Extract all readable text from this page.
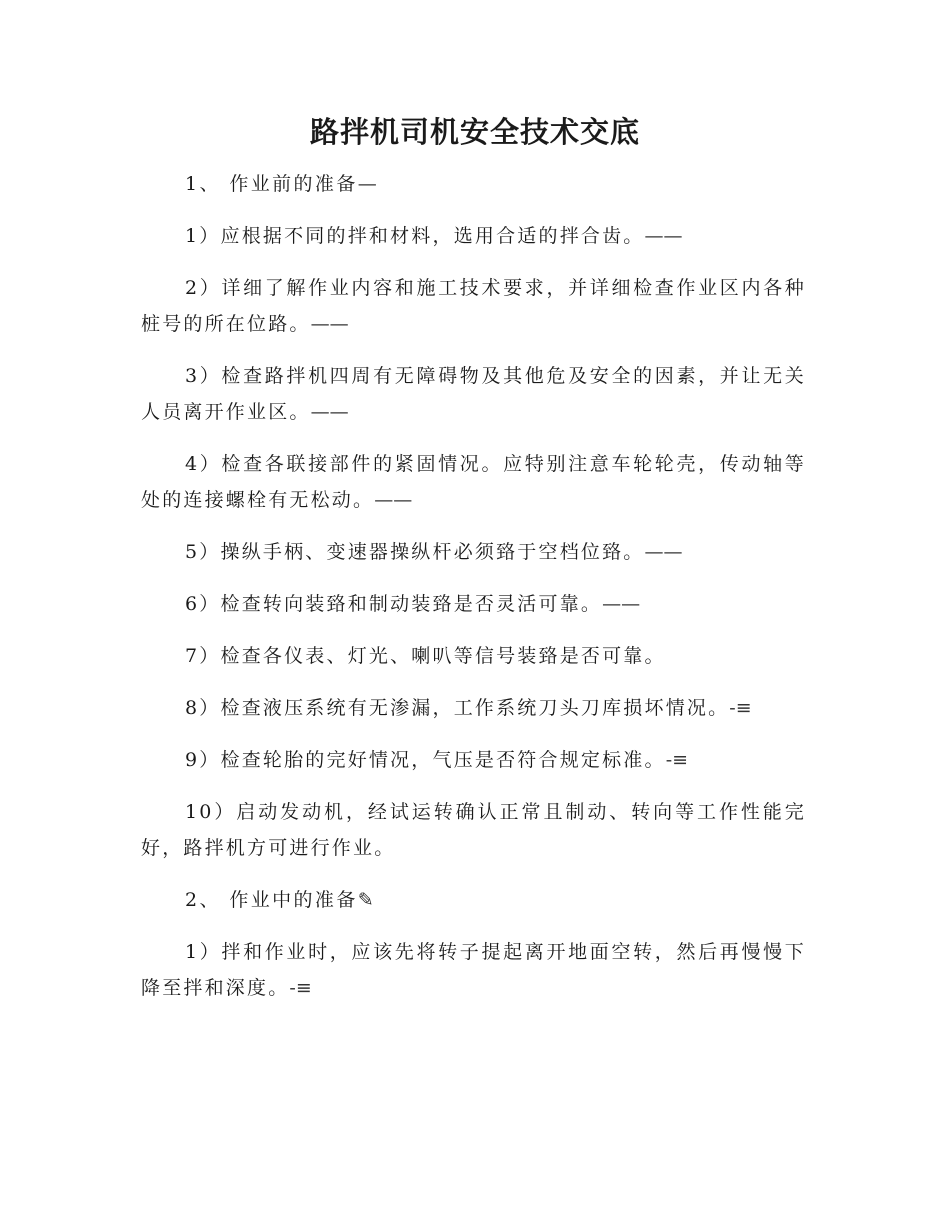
路拌机司机安全技术交底

1、 作业前的准备—

1）应根据不同的拌和材料，选用合适的拌合齿。——

2）详细了解作业内容和施工技术要求，并详细检查作业区内各种桩号的所在位路。——

3）检查路拌机四周有无障碍物及其他危及安全的因素，并让无关人员离开作业区。——

4）检查各联接部件的紧固情况。应特别注意车轮轮壳，传动轴等处的连接螺栓有无松动。——

5）操纵手柄、变速器操纵杆必须臵于空档位臵。——

6）检查转向装臵和制动装臵是否灵活可靠。——

7）检查各仪表、灯光、喇叭等信号装臵是否可靠。

8）检查液压系统有无渗漏，工作系统刀头刀库损坏情况。-≡

9）检查轮胎的完好情况，气压是否符合规定标准。-≡

10）启动发动机，经试运转确认正常且制动、转向等工作性能完好，路拌机方可进行作业。

2、 作业中的准备✎

1）拌和作业时，应该先将转子提起离开地面空转，然后再慢慢下降至拌和深度。-≡
